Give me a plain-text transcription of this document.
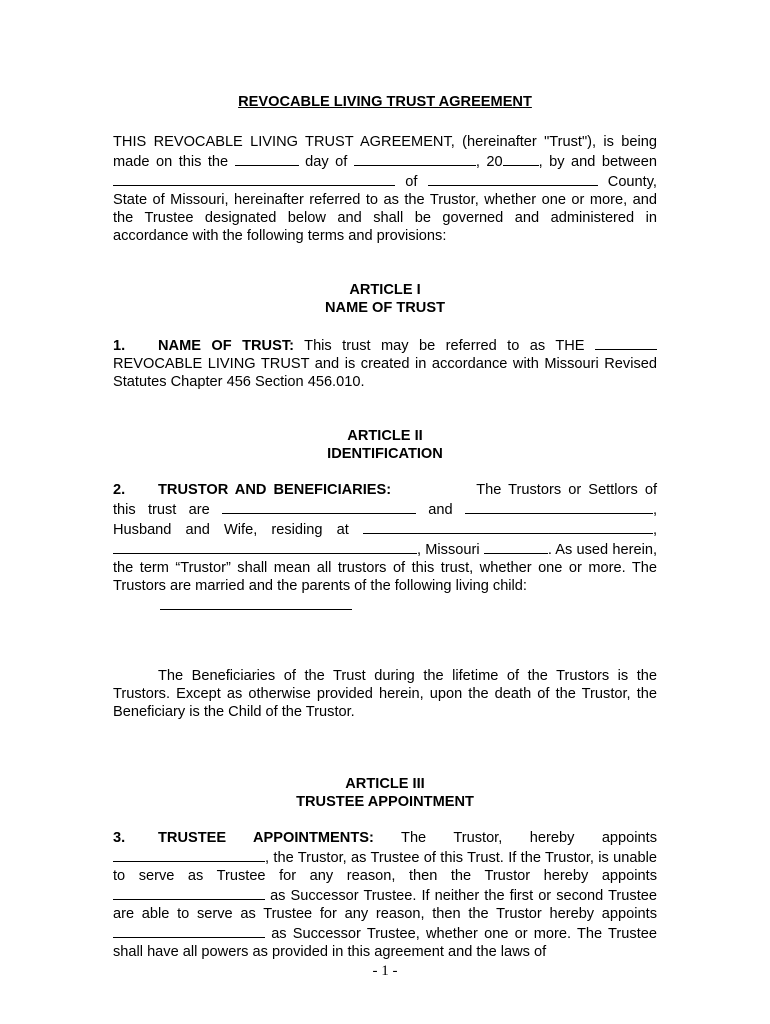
REVOCABLE LIVING TRUST AGREEMENT

THIS REVOCABLE LIVING TRUST AGREEMENT, (hereinafter "Trust"), is being made on this the	day of	, 20 , by and between  of	County, State of Missouri, hereinafter referred to as the Trustor, whether one or more, and the Trustee designated below and shall be governed and administered in accordance with the following terms and provisions:

ARTICLE I

NAME OF TRUST

1. NAME OF TRUST: This trust may be referred to as THE  REVOCABLE LIVING TRUST and is created in accordance with Missouri Revised Statutes Chapter 456 Section 456.010.

ARTICLE II

IDENTIFICATION

2. TRUSTOR AND BENEFICIARIES:	The Trustors or Settlors of this trust are	and	, Husband and Wife, residing at	, , Missouri	. As used herein, the term “Trustor” shall mean all trustors of this trust, whether one or more. The Trustors are married and the parents of the following living child:

The Beneficiaries of the Trust during the lifetime of the Trustors is the Trustors. Except as otherwise provided herein, upon the death of the Trustor, the Beneficiary is the Child of the Trustor.

ARTICLE III

TRUSTEE APPOINTMENT

3. TRUSTEE APPOINTMENTS: The Trustor, hereby appoints , the Trustor, as Trustee of this Trust. If the Trustor, is unable to serve as Trustee for any reason, then the Trustor hereby appoints  as Successor Trustee. If neither the first or second Trustee are able to serve as Trustee for any reason, then the Trustor hereby appoints  as Successor Trustee, whether one or more. The Trustee shall have all powers as provided in this agreement and the laws of

- 1 -
